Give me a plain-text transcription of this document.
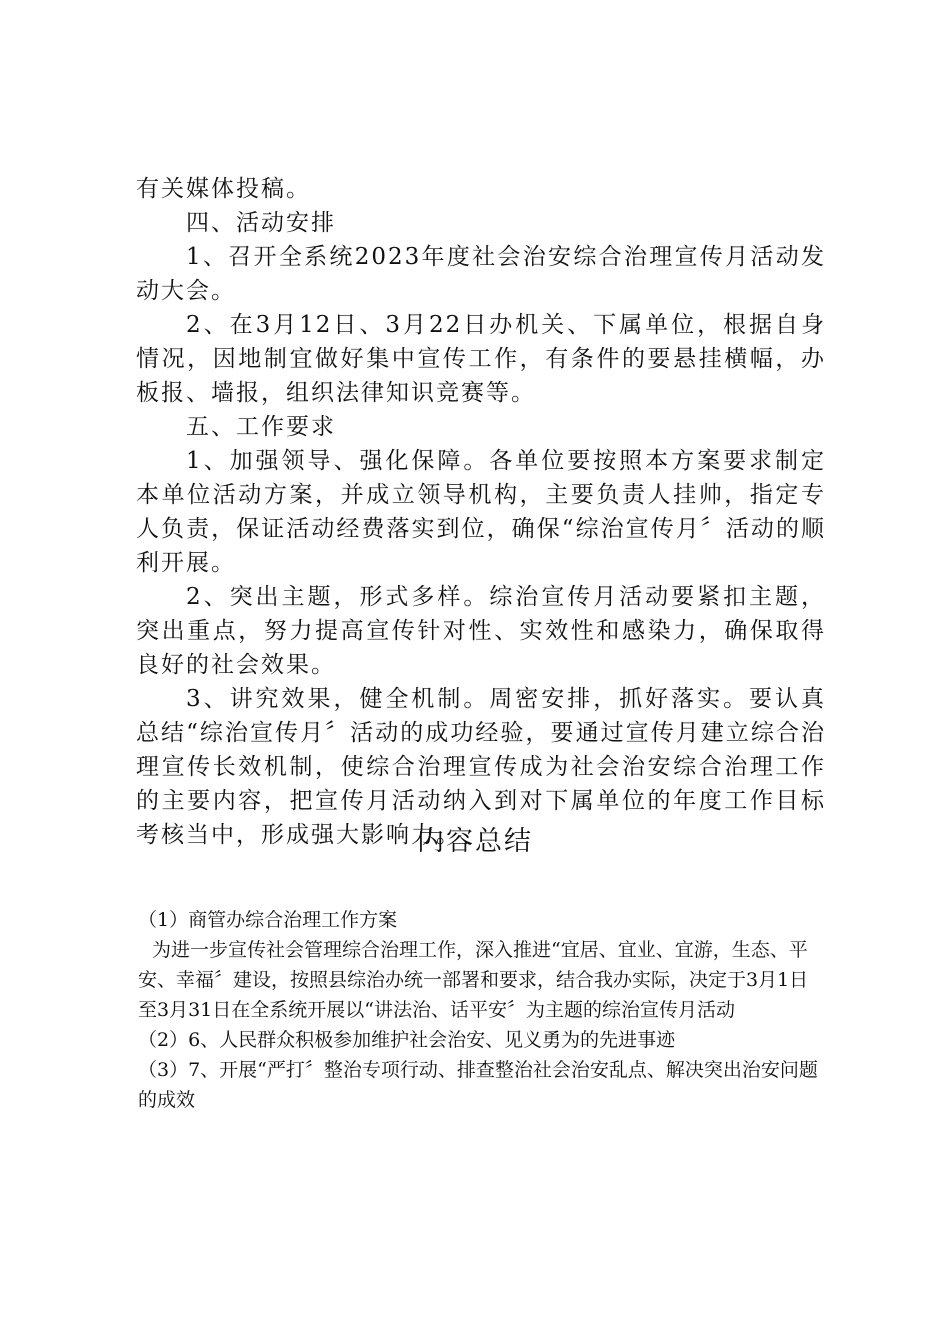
有关媒体投稿。

四、活动安排

1、召开全系统2023年度社会治安综合治理宣传月活动发动大会。

2、在3月12日、3月22日办机关、下属单位，根据自身情况，因地制宜做好集中宣传工作，有条件的要悬挂横幅，办板报、墙报，组织法律知识竞赛等。

五、工作要求

1、加强领导、强化保障。各单位要按照本方案要求制定本单位活动方案，并成立领导机构，主要负责人挂帅，指定专人负责，保证活动经费落实到位，确保“综治宣传月〞活动的顺利开展。

2、突出主题，形式多样。综治宣传月活动要紧扣主题，突出重点，努力提高宣传针对性、实效性和感染力，确保取得良好的社会效果。

3、讲究效果，健全机制。周密安排，抓好落实。要认真总结“综治宣传月〞活动的成功经验，要通过宣传月建立综合治理宣传长效机制，使综合治理宣传成为社会治安综合治理工作的主要内容，把宣传月活动纳入到对下属单位的年度工作目标考核当中，形成强大影响力。

内容总结

（1）商管办综合治理工作方案

为进一步宣传社会管理综合治理工作，深入推进“宜居、宜业、宜游，生态、平安、幸福〞建设，按照县综治办统一部署和要求，结合我办实际，决定于3月1日至3月31日在全系统开展以“讲法治、话平安〞为主题的综治宣传月活动

（2）6、人民群众积极参加维护社会治安、见义勇为的先进事迹

（3）7、开展“严打〞整治专项行动、排查整治社会治安乱点、解决突出治安问题的成效
